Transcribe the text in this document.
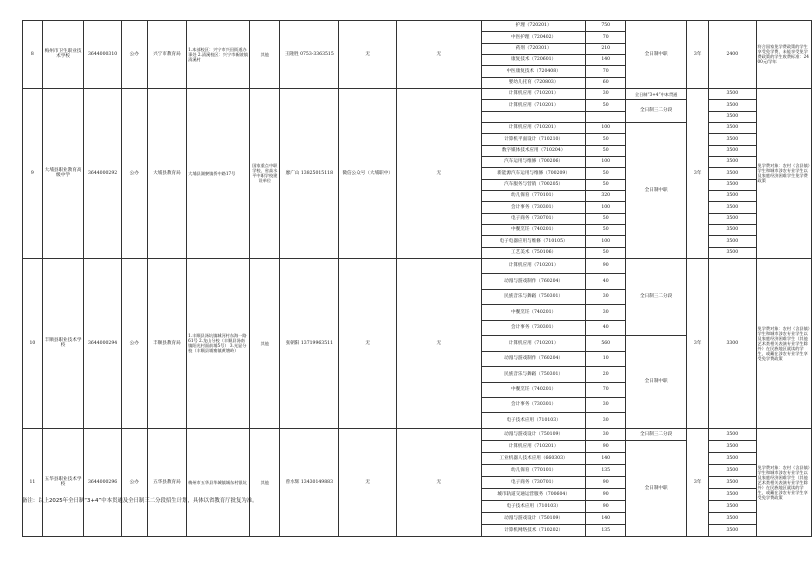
8	梅州市卫生职业技术学校	3644000310	公办	兴宁市教育局	1.本部校区：兴宁市兴田街道办事处 2.清溪校区：兴宁市新陂镇清溪村	其他	王隆胜 0753-3363515	无	无	护理（720201）	750	全日制中职	3年	2400	符合国家免学费政策的学生享受免学费，未能享受免学费政策的学生收费标准：2400元/学年
										中医护理（720402）	70				
										药剂（720301）	210				
										康复技术（720601）	140				
										中医康复技术（720408）	70				
										婴幼儿托育（720803）	60				
9	大埔县职业教育高级中学	3644000292	公办	大埔县教育局	大埔县湖寮镇侨中路17号	国家重点中职学校、省高水平中职学校建设单位	廖广山 13825015118	微信公众号（大埔职中）	无	计算机应用（710201）	30	全日制“3+4”中本贯通	3年	3500	免学费对象：农村（含县镇）学生和城市涉农专业学生以及家庭经济困难学生免学费政策
										计算机应用（710201）	50	全日制三二分段		3500	
														3500	
										计算机应用（710201）	100	全日制中职		3500	
										计算机平面设计（710210）	50			3500	
										数字媒体技术应用（710204）	50			3500	
										汽车运用与维修（700206）	100			3500	
										新能源汽车运用与维修（700209）	50			3500	
										汽车服务与营销（700205）	50			3500	
										幼儿保育（770101）	320			3500	
										会计事务（730301）	100			3500	
										电子商务（730701）	50			3500	
										中餐烹饪（740201）	50			3500	
										电子电器应用与维修（710105）	100			3500	
										工艺美术（750106）	50			3500	
10	丰顺县职业技术学校	3644000294	公办	丰顺县教育局	1.丰顺县汤坑镇城河村东海一路61号 2.龙山分校（丰顺县汤南镇阳光村面前埔5号） 3.光显分校（丰顺县埔寨镇黄塘岭）	其他	张朝阳 13719963511	无	无	计算机应用（710201）	90	全日制三二分段	3年	3300	免学费对象：农村（含县镇）学生和城市涉农专业学生以及家庭经济困难学生（其他艺术类相关表演专业学生除外）在民族地区就读的学生，或藏在涉农专业学生享受免学费政策
										动漫与游戏制作（760204）	40				
										民族音乐与舞蹈（750301）	30				
										中餐烹饪（740201）	30				
										会计事务（730301）	40				
										计算机应用（710201）	560	全日制中职			
										动漫与游戏制作（760204）	10				
										民族音乐与舞蹈（750301）	20				
										中餐烹饪（740201）	70				
										会计事务（730301）	30				
										电子技术应用（710103）	30				
11	五华县职业技术学校	3644000296	公办	五华县教育局	梅州市五华县华城镇城东村银坑	其他	曾水辉 13430149883	无	无	动漫与游戏设计（750109）	30	全日制三二分段	3年	3500	免学费对象：农村（含县镇）学生和城市涉农专业学生以及家庭经济困难学生（其他艺术类相关表演专业学生除外）在民族地区就读的学生，或藏在涉农专业学生享受免学费政策
										计算机应用（710201）	90	全日制中职		3500	
										工业机器人技术应用（660303）	140			3500	
										幼儿保育（770101）	135			3500	
										电子商务（730701）	90			3500	
										城市轨道交通运营服务（700604）	90			3500	
										电子技术应用（710103）	90			3500	
										动漫与游戏设计（750109）	140			3500	
										计算机网络技术（710202）	135			3500	
备注：以上2025年全日制“3+4”中本贯通及全日制三二分段招生计划，具体以省教育厅批复为准。
